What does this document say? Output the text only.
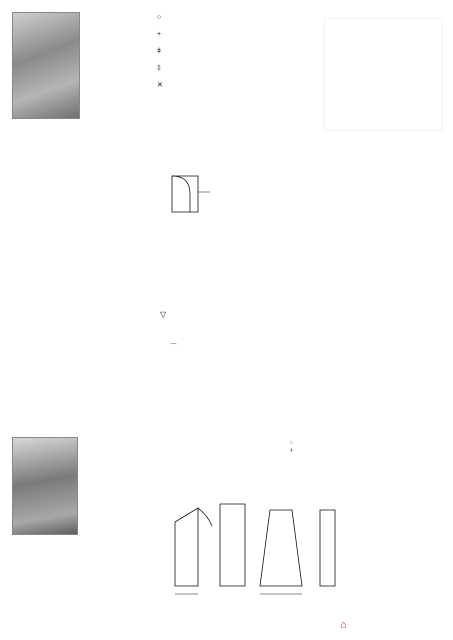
○
+
ǂ
‡
✕
▽
⌒
○
ǂ
⌂
